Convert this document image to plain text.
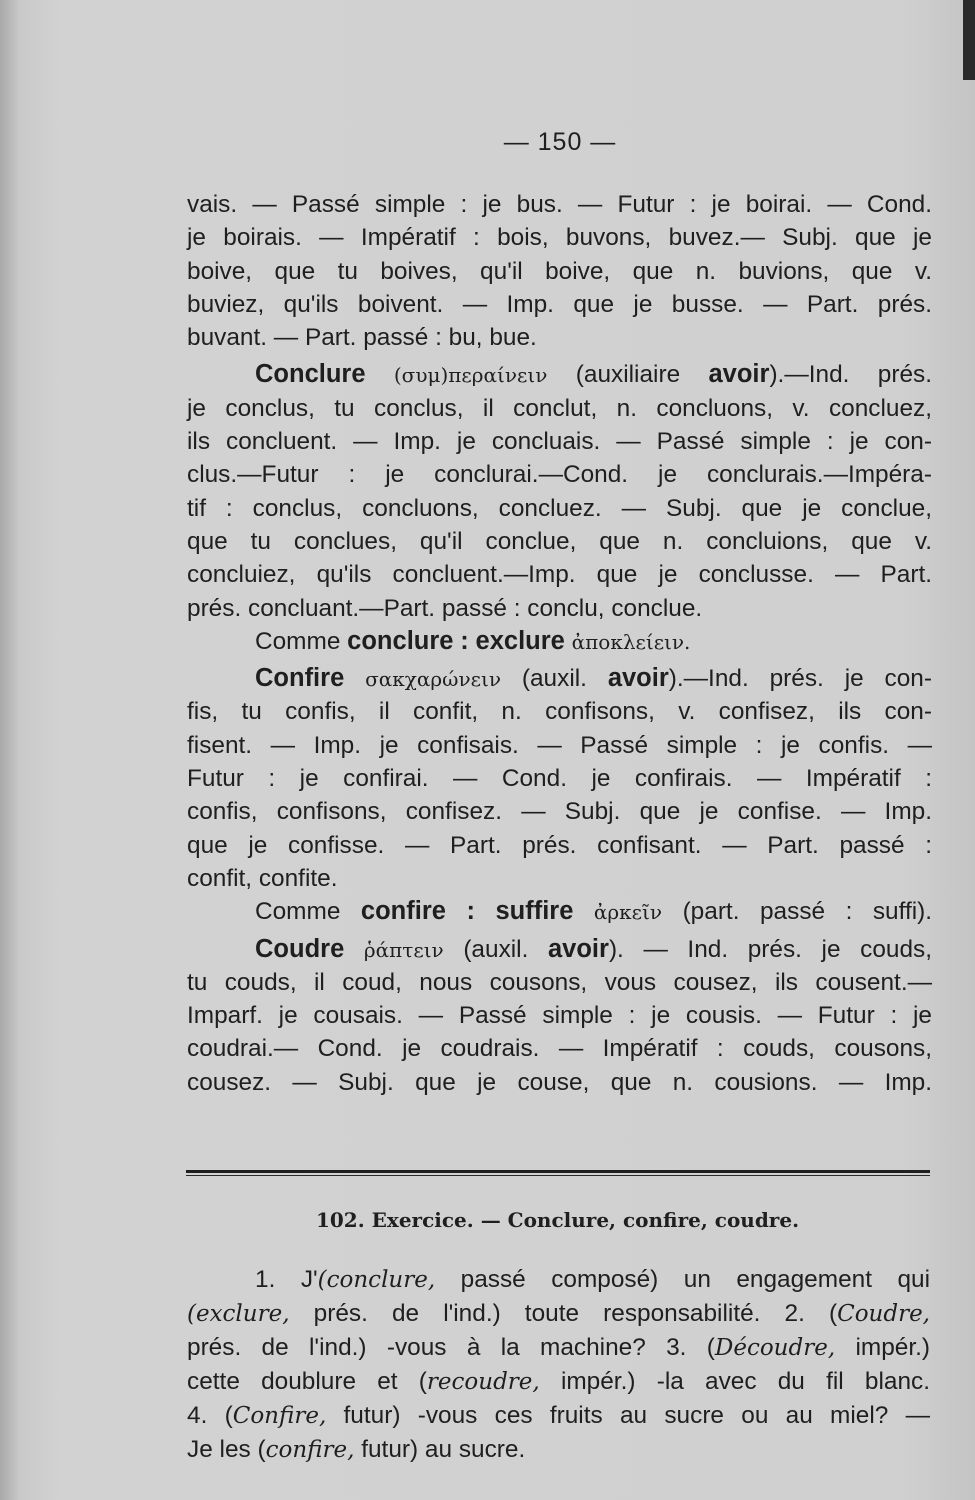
— 150 —
vais. — Passé simple : je bus. — Futur : je boirai. — Cond.
je boirais. — Impératif : bois, buvons, buvez.— Subj. que je
boive, que tu boives, qu'il boive, que n. buvions, que v.
buviez, qu'ils boivent. — Imp. que je busse. — Part. prés.
buvant. — Part. passé : bu, bue.
Conclure (συμ)περαίνειν (auxiliaire avoir).—Ind. prés.
je conclus, tu conclus, il conclut, n. concluons, v. concluez,
ils concluent. — Imp. je concluais. — Passé simple : je con-
clus.—Futur : je conclurai.—Cond. je conclurais.—Impéra-
tif : conclus, concluons, concluez. — Subj. que je conclue,
que tu conclues, qu'il conclue, que n. concluions, que v.
concluiez, qu'ils concluent.—Imp. que je conclusse. — Part.
prés. concluant.—Part. passé : conclu, conclue.
Comme conclure : exclure ἀποκλείειν.
Confire σακχαρώνειν (auxil. avoir).—Ind. prés. je con-
fis, tu confis, il confit, n. confisons, v. confisez, ils con-
fisent. — Imp. je confisais. — Passé simple : je confis. —
Futur : je confirai. — Cond. je confirais. — Impératif :
confis, confisons, confisez. — Subj. que je confise. — Imp.
que je confisse. — Part. prés. confisant. — Part. passé :
confit, confite.
Comme confire : suffire ἀρκεῖν (part. passé : suffi).
Coudre ῥάπτειν (auxil. avoir). — Ind. prés. je couds,
tu couds, il coud, nous cousons, vous cousez, ils cousent.—
Imparf. je cousais. — Passé simple : je cousis. — Futur : je
coudrai.— Cond. je coudrais. — Impératif : couds, cousons,
cousez. — Subj. que je couse, que n. cousions. — Imp.
102. Exercice. — Conclure, confire, coudre.
1. J'(conclure, passé composé) un engagement qui
(exclure, prés. de l'ind.) toute responsabilité. 2. (Coudre,
prés. de l'ind.) -vous à la machine? 3. (Découdre, impér.)
cette doublure et (recoudre, impér.) -la avec du fil blanc.
4. (Confire, futur) -vous ces fruits au sucre ou au miel? —
Je les (confire, futur) au sucre.
